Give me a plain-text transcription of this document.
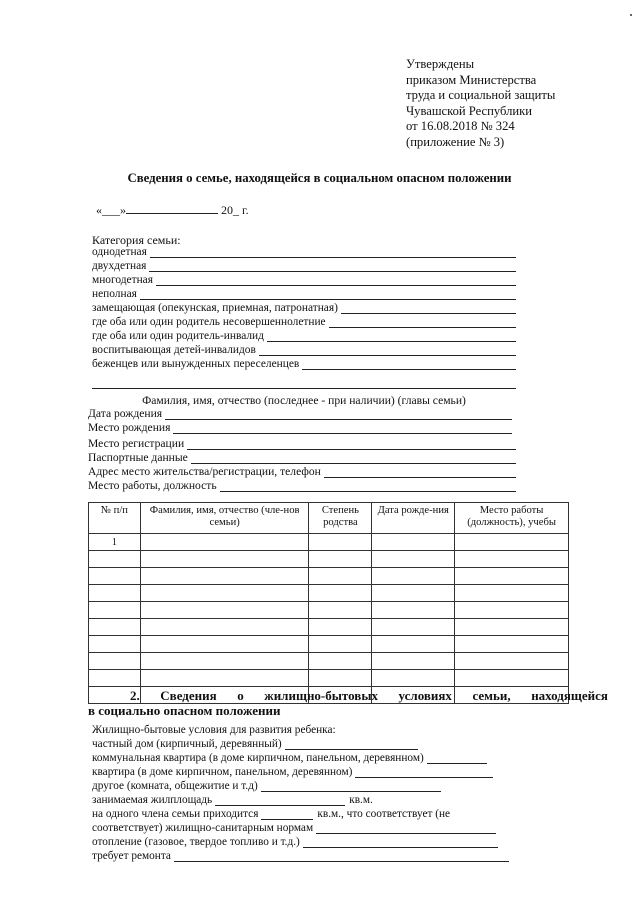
Утверждены
приказом Министерства
труда и социальной защиты
Чувашской Республики
от 16.08.2018 № 324
(приложение № 3)
Сведения о семье, находящейся в социальном опасном положении
«___»	20_ г.
Категория семьи:
однодетная
двухдетная
многодетная
неполная
замещающая (опекунская, приемная, патронатная)
где оба или один родитель несовершеннолетние
где оба или один родитель-инвалид
воспитывающая детей-инвалидов
беженцев или вынужденных переселенцев
Фамилия, имя, отчество (последнее - при наличии) (главы семьи)
Дата рождения
Место рождения
Место регистрации
Паспортные данные
Адрес место жительства/регистрации, телефон
Место работы, должность
№ п/п	Фамилия, имя, отчество (чле-нов семьи)	Степень родства	Дата рожде-ния	Место работы (должность), учебы
1				

2. Сведения о жилищно-бытовых условиях семьи, находящейся
в социально опасном положении
Жилищно-бытовые условия для развития ребенка:
частный дом (кирпичный, деревянный)
коммунальная квартира (в доме кирпичном, панельном, деревянном)
квартира (в доме кирпичном, панельном, деревянном)
другое (комната, общежитие и т.д)
занимаемая жилплощадь	кв.м.
на одного члена семьи приходится	кв.м., что соответствует (не
соответствует) жилищно-санитарным нормам
отопление (газовое, твердое топливо и т.д.)
требует ремонта
